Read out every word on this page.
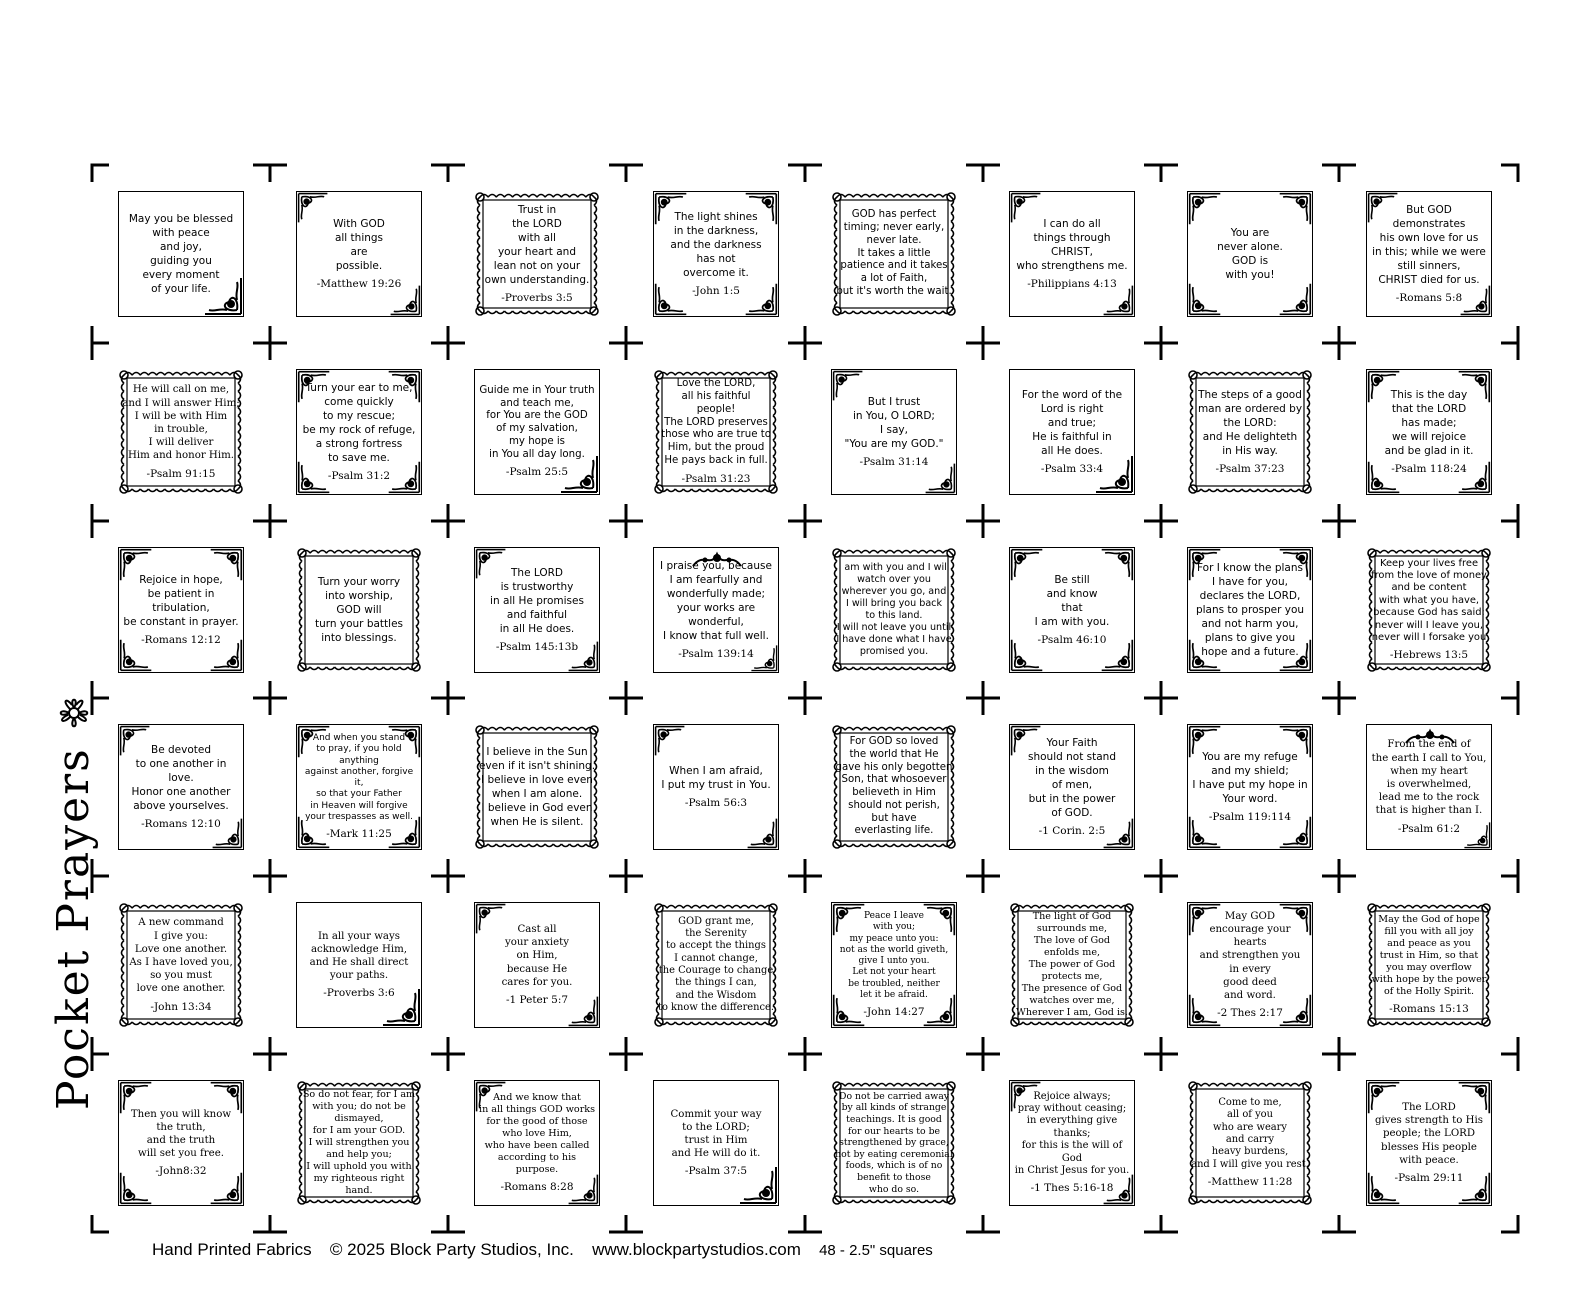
Pocket Prayers
May you be blessed
with peace
and joy,
guiding you
every moment
of your life.
With GOD
all things
are
possible.
-Matthew 19:26
Trust in
the LORD
with all
your heart and
lean not on your
own understanding.
-Proverbs 3:5
The light shines
in the darkness,
and the darkness
has not
overcome it.
-John 1:5
GOD has perfect
timing; never early,
never late.
It takes a little
patience and it takes
a lot of Faith,
but it's worth the wait.
I can do all
things through
CHRIST,
who strengthens me.
-Philippians 4:13
You are
never alone.
GOD is
with you!
But GOD
demonstrates
his own love for us
in this; while we were
still sinners,
CHRIST died for us.
-Romans 5:8
He will call on me,
and I will answer Him;
I will be with Him
in trouble,
I will deliver
Him and honor Him.
-Psalm 91:15
Turn your ear to me,
come quickly
to my rescue;
be my rock of refuge,
a strong fortress
to save me.
-Psalm 31:2
Guide me in Your truth
and teach me,
for You are the GOD
of my salvation,
my hope is
in You all day long.
-Psalm 25:5
Love the LORD,
all his faithful
people!
The LORD preserves
those who are true to
Him, but the proud
He pays back in full.
-Psalm 31:23
But I trust
in You, O LORD;
I say,
"You are my GOD."
-Psalm 31:14
For the word of the
Lord is right
and true;
He is faithful in
all He does.
-Psalm 33:4
The steps of a good
man are ordered by
the LORD:
and He delighteth
in His way.
-Psalm 37:23
This is the day
that the LORD
has made;
we will rejoice
and be glad in it.
-Psalm 118:24
Rejoice in hope,
be patient in tribulation,
be constant in prayer.
-Romans 12:12
Turn your worry
into worship,
GOD will
turn your battles
into blessings.
The LORD
is trustworthy
in all He promises
and faithful
in all He does.
-Psalm 145:13b
I praise you, because
I am fearfully and
wonderfully made;
your works are
wonderful,
I know that full well.
-Psalm 139:14
I am with you and I will
watch over you
wherever you go, and
I will bring you back
to this land.
I will not leave you until
I have done what I have
promised you.
Be still
and know
that
I am with you.
-Psalm 46:10
For I know the plans
I have for you,
declares the LORD,
plans to prosper you
and not harm you,
plans to give you
hope and a future.
Keep your lives free
from the love of money
and be content
with what you have,
because God has said:
never will I leave you,
never will I forsake you
-Hebrews 13:5
Be devoted
to one another in love.
Honor one another
above yourselves.
-Romans 12:10
And when you stand
to pray, if you hold anything
against another, forgive it,
so that your Father
in Heaven will forgive
your trespasses as well.
-Mark 11:25
I believe in the Sun
even if it isn't shining.
I believe in love even
when I am alone.
I believe in God even
when He is silent.
When I am afraid,
I put my trust in You.
-Psalm 56:3
For GOD so loved
the world that He
gave his only begotten
Son, that whosoever
believeth in Him
should not perish,
but have
everlasting life.
Your Faith
should not stand
in the wisdom
of men,
but in the power
of GOD.
-1 Corin. 2:5
You are my refuge
and my shield;
I have put my hope in
Your word.
-Psalm 119:114
From the end of
the earth I call to You,
when my heart
is overwhelmed,
lead me to the rock
that is higher than I.
-Psalm 61:2
A new command
I give you:
Love one another.
As I have loved you,
so you must
love one another.
-John 13:34
In all your ways
acknowledge Him,
and He shall direct
your paths.
-Proverbs 3:6
Cast all
your anxiety
on Him,
because He
cares for you.
-1 Peter 5:7
GOD grant me,
the Serenity
to accept the things
I cannot change,
the Courage to change
the things I can,
and the Wisdom
to know the difference.
Peace I leave
with you;
my peace unto you:
not as the world giveth,
give I unto you.
Let not your heart
be troubled, neither
let it be afraid.
-John 14:27
The light of God
surrounds me,
The love of God
enfolds me,
The power of God
protects me,
The presence of God
watches over me,
Wherever I am, God is.
May GOD
encourage your hearts
and strengthen you
in every
good deed
and word.
-2 Thes 2:17
May the God of hope
fill you with all joy
and peace as you
trust in Him, so that
you may overflow
with hope by the power
of the Holly Spirit.
-Romans 15:13
Then you will know
the truth,
and the truth
will set you free.
-John8:32
So do not fear, for I am
with you; do not be
dismayed,
for I am your GOD.
I will strengthen you
and help you;
I will uphold you with
my righteous right hand.
And we know that
in all things GOD works
for the good of those
who love Him,
who have been called
according to his purpose.
-Romans 8:28
Commit your way
to the LORD;
trust in Him
and He will do it.
-Psalm 37:5
Do not be carried away
by all kinds of strange
teachings. It is good
for our hearts to be
strengthened by grace,
not by eating ceremonial
foods, which is of no
benefit to those
who do so.
Rejoice always;
pray without ceasing;
in everything give thanks;
for this is the will of God
in Christ Jesus for you.
-1 Thes 5:16-18
Come to me,
all of you
who are weary
and carry
heavy burdens,
and I will give you rest.
-Matthew 11:28
The LORD
gives strength to His
people; the LORD
blesses His people
with peace.
-Psalm 29:11
Hand Printed Fabrics © 2025 Block Party Studios, Inc. www.blockpartystudios.com 48 - 2.5" squares
